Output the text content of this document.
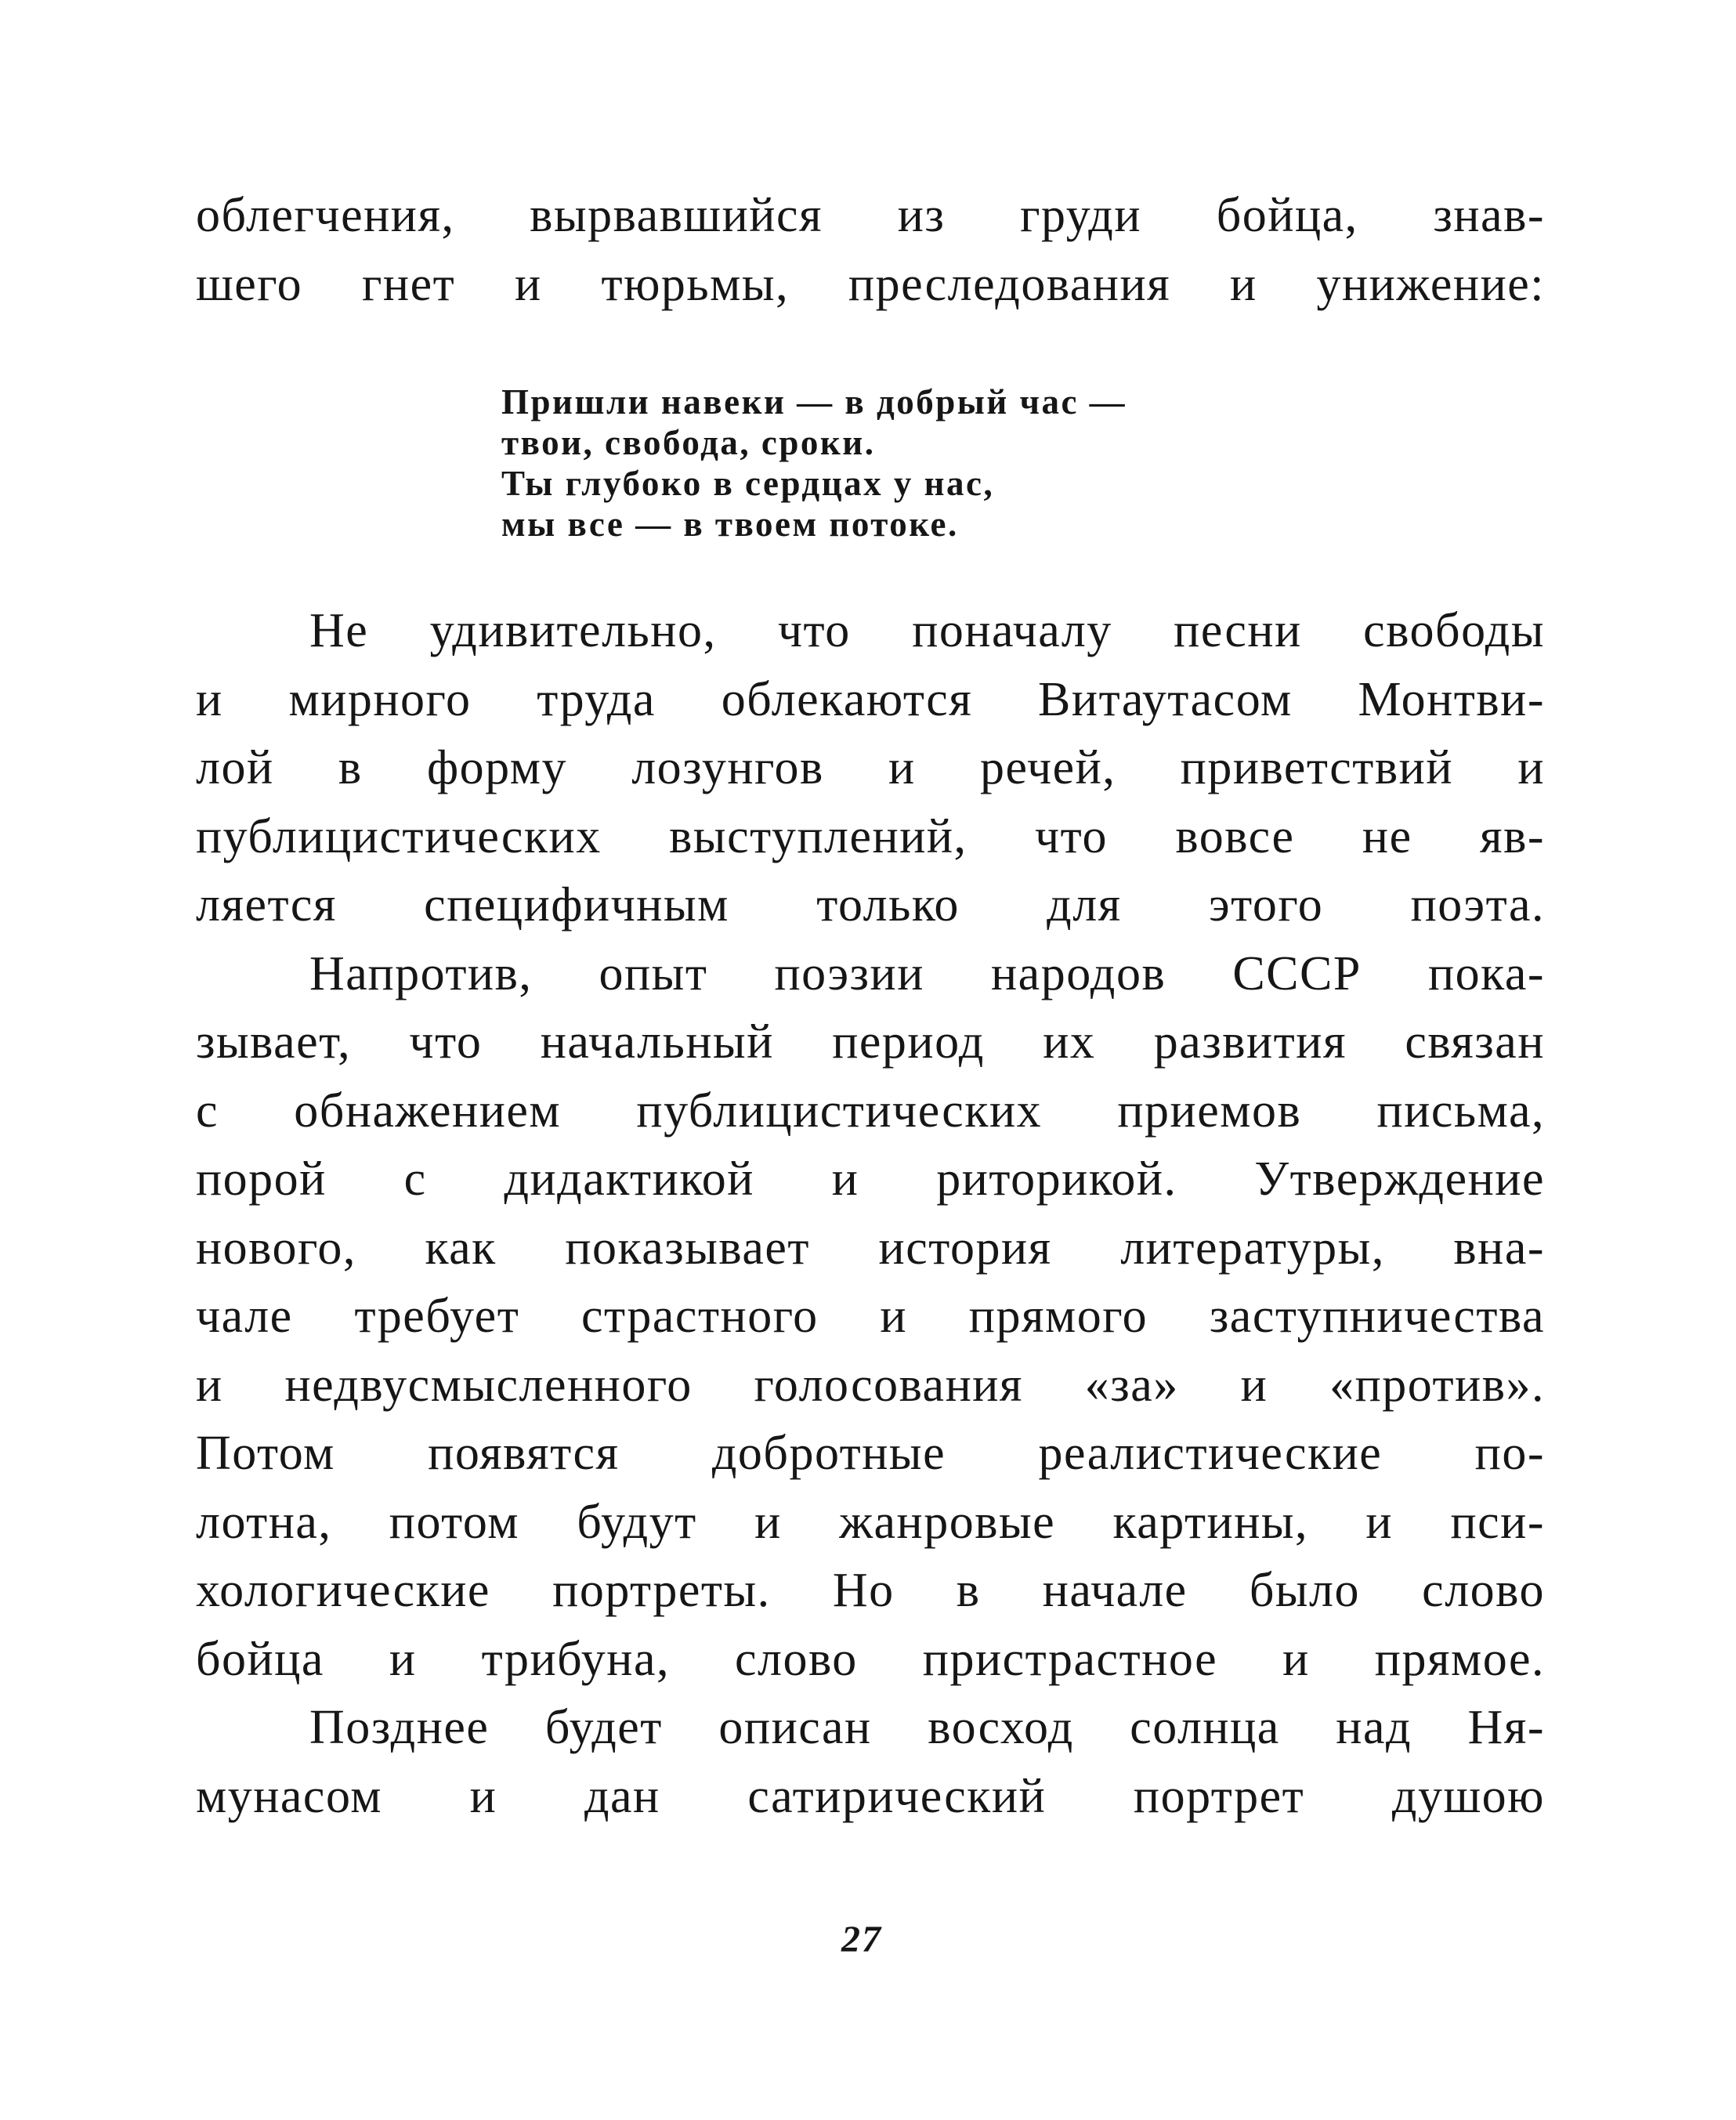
облегчения, вырвавшийся из груди бойца, знав-
шего гнет и тюрьмы, преследования и унижение:
Пришли навеки — в добрый час —
твои, свобода, сроки.
Ты глубоко в сердцах у нас,
мы все — в твоем потоке.
Не удивительно, что поначалу песни свободы
и мирного труда облекаются Витаутасом Монтви-
лой в форму лозунгов и речей, приветствий и
публицистических выступлений, что вовсе не яв-
ляется специфичным только для этого поэта.
Напротив, опыт поэзии народов СССР пока-
зывает, что начальный период их развития связан
с обнажением публицистических приемов письма,
порой с дидактикой и риторикой. Утверждение
нового, как показывает история литературы, вна-
чале требует страстного и прямого заступничества
и недвусмысленного голосования «за» и «против».
Потом появятся добротные реалистические по-
лотна, потом будут и жанровые картины, и пси-
хологические портреты. Но в начале было слово
бойца и трибуна, слово пристрастное и прямое.
Позднее будет описан восход солнца над Ня-
мунасом и дан сатирический портрет душою
27
